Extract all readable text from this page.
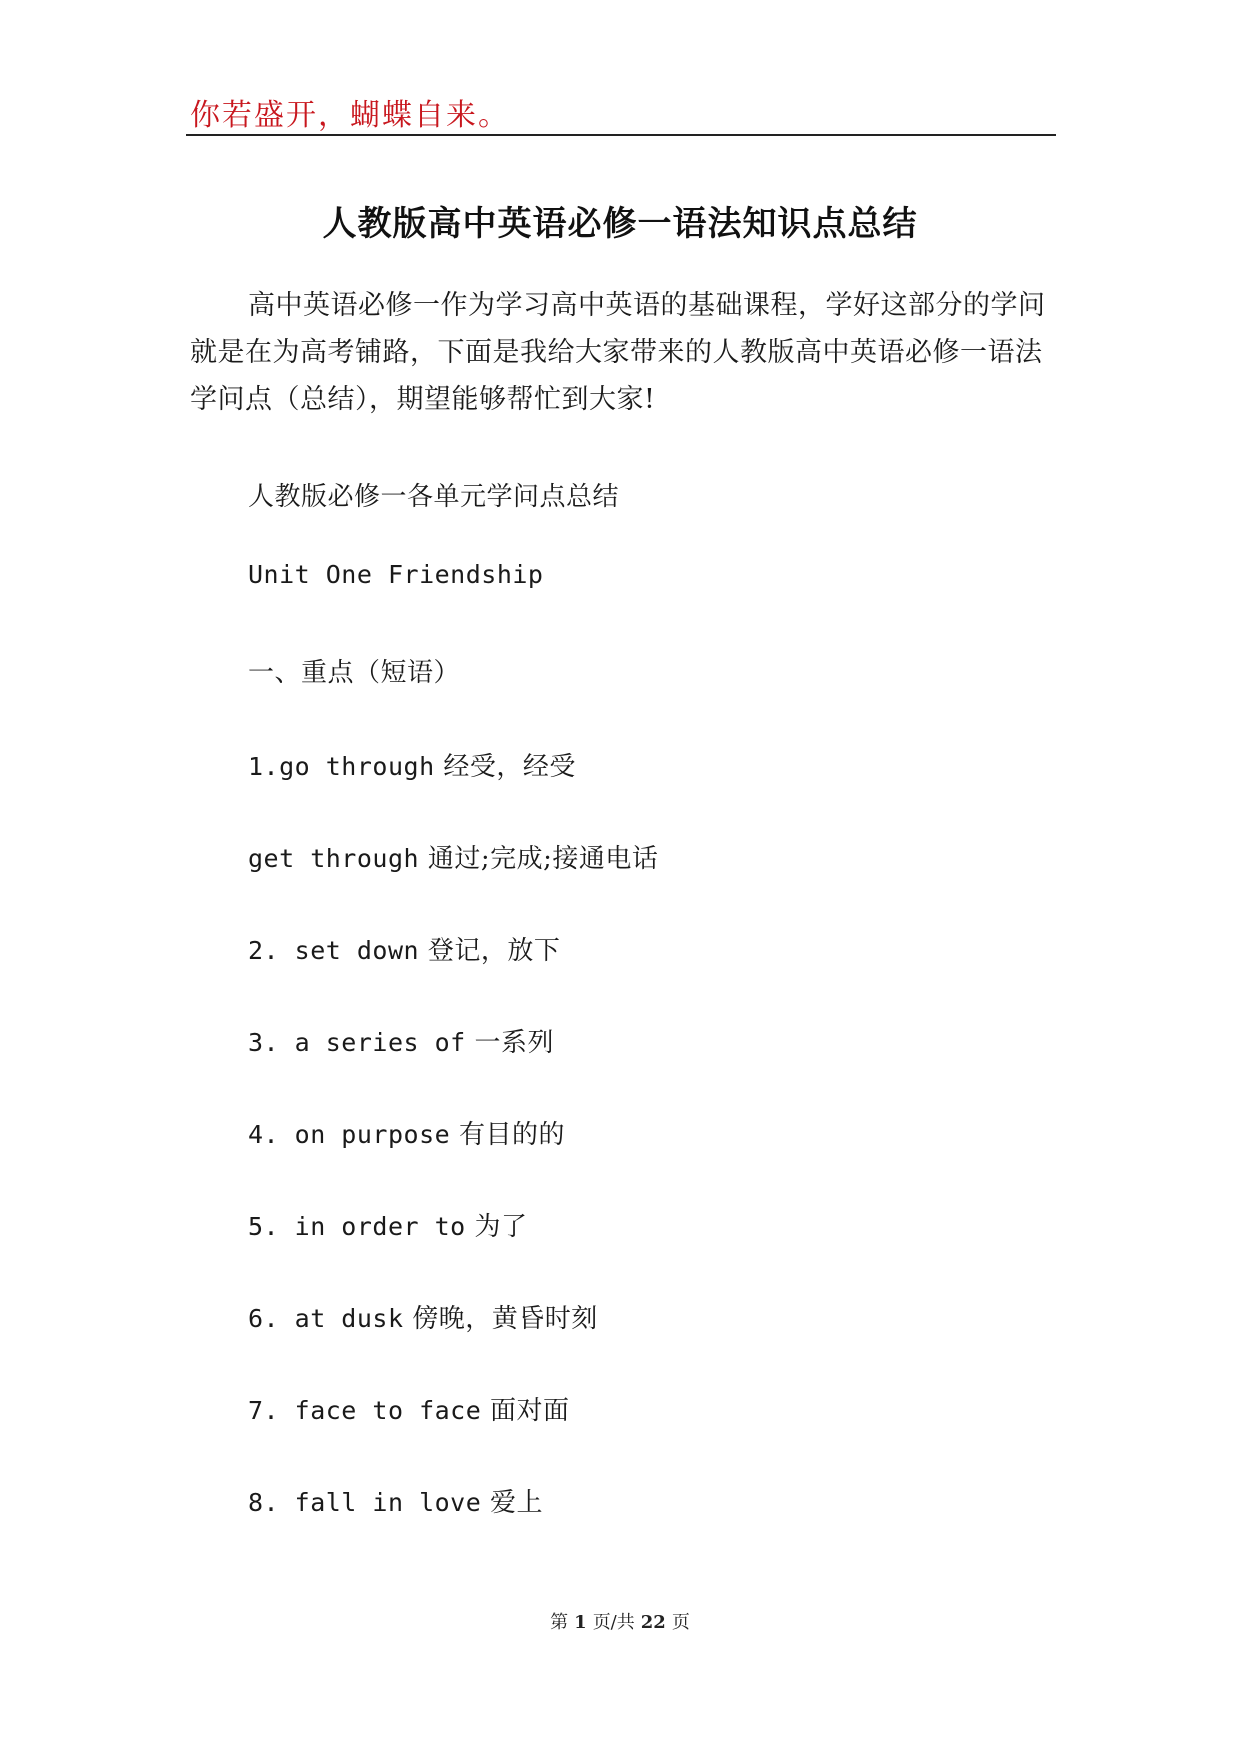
你若盛开，蝴蝶自来。
人教版高中英语必修一语法知识点总结

高中英语必修一作为学习高中英语的基础课程，学好这部分的学问就是在为高考铺路，下面是我给大家带来的人教版高中英语必修一语法学问点（总结），期望能够帮忙到大家!

人教版必修一各单元学问点总结
Unit One Friendship
一、重点（短语）
1.go through 经受，经受
get through 通过;完成;接通电话
2. set down 登记，放下
3. a series of 一系列
4. on purpose 有目的的
5. in order to 为了
6. at dusk 傍晚，黄昏时刻
7. face to face 面对面
8. fall in love 爱上
第 1 页/共 22 页
